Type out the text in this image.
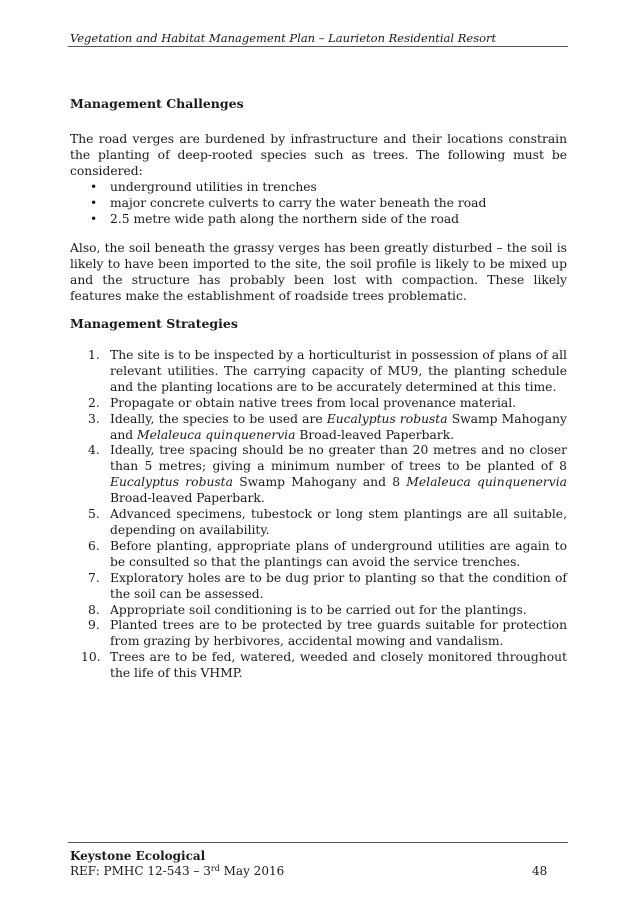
Vegetation and Habitat Management Plan – Laurieton Residential Resort
Management Challenges

The road verges are burdened by infrastructure and their locations constrain the planting of deep-rooted species such as trees. The following must be considered:

• underground utilities in trenches
• major concrete culverts to carry the water beneath the road
• 2.5 metre wide path along the northern side of the road

Also, the soil beneath the grassy verges has been greatly disturbed – the soil is likely to have been imported to the site, the soil profile is likely to be mixed up and the structure has probably been lost with compaction. These likely features make the establishment of roadside trees problematic.

Management Strategies
1. The site is to be inspected by a horticulturist in possession of plans of all relevant utilities. The carrying capacity of MU9, the planting schedule and the planting locations are to be accurately determined at this time.
2. Propagate or obtain native trees from local provenance material.
3. Ideally, the species to be used are Eucalyptus robusta Swamp Mahogany and Melaleuca quinquenervia Broad-leaved Paperbark.
4. Ideally, tree spacing should be no greater than 20 metres and no closer than 5 metres; giving a minimum number of trees to be planted of 8 Eucalyptus robusta Swamp Mahogany and 8 Melaleuca quinquenervia Broad-leaved Paperbark.
5. Advanced specimens, tubestock or long stem plantings are all suitable, depending on availability.
6. Before planting, appropriate plans of underground utilities are again to be consulted so that the plantings can avoid the service trenches.
7. Exploratory holes are to be dug prior to planting so that the condition of the soil can be assessed.
8. Appropriate soil conditioning is to be carried out for the plantings.
9. Planted trees are to be protected by tree guards suitable for protection from grazing by herbivores, accidental mowing and vandalism.
10. Trees are to be fed, watered, weeded and closely monitored throughout the life of this VHMP.
Keystone Ecological
REF: PMHC 12-543 – 3rd May 2016	48
